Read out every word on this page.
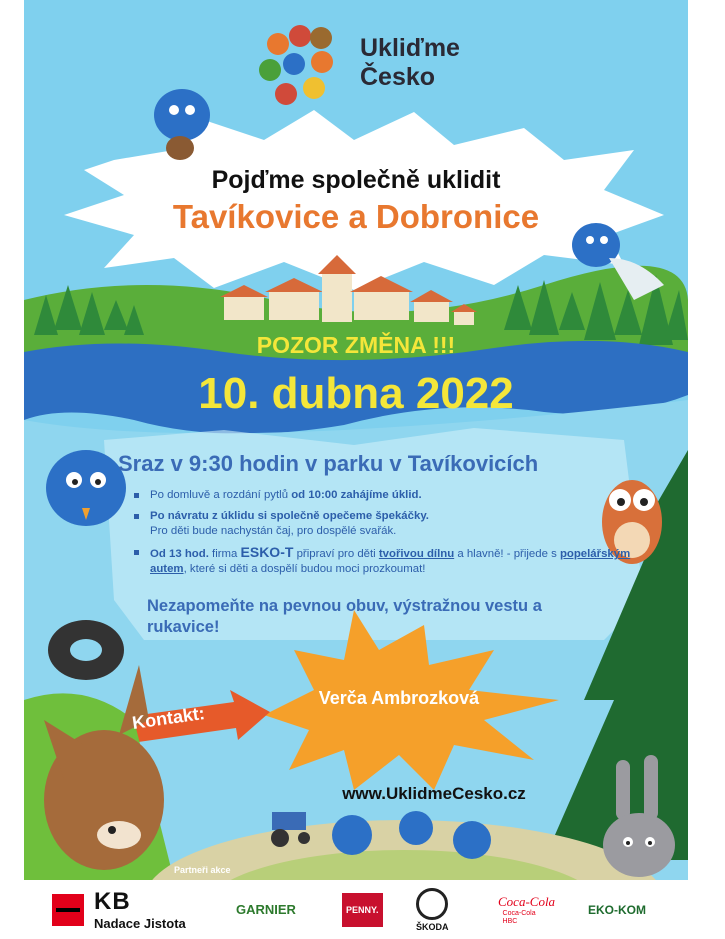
Ukliďme
Česko
Pojďme společně uklidit
Tavíkovice a Dobronice
POZOR ZMĚNA !!!
10. dubna 2022
Sraz v 9:30 hodin v parku v Tavíkovicích
Po domluvě a rozdání pytlů od 10:00 zahájíme úklid.
Po návratu z úklidu si společně opečeme špekáčky.
Pro děti bude nachystán čaj, pro dospělé svařák.
Od 13 hod. firma ESKO-T připraví pro děti tvořivou dílnu a hlavně! - přijede s popelářským autem, které si děti a dospělí budou moci prozkoumat!
Nezapomeňte na pevnou obuv, výstražnou vestu a rukavice!
Kontakt:
Verča Ambrozková
www.UklidmeCesko.cz
Partneři akce
KB
Nadace Jistota
GARNIER	PENNY.
ŠKODA
Coca-Cola
Coca-Cola HBC
EKO-KOM
